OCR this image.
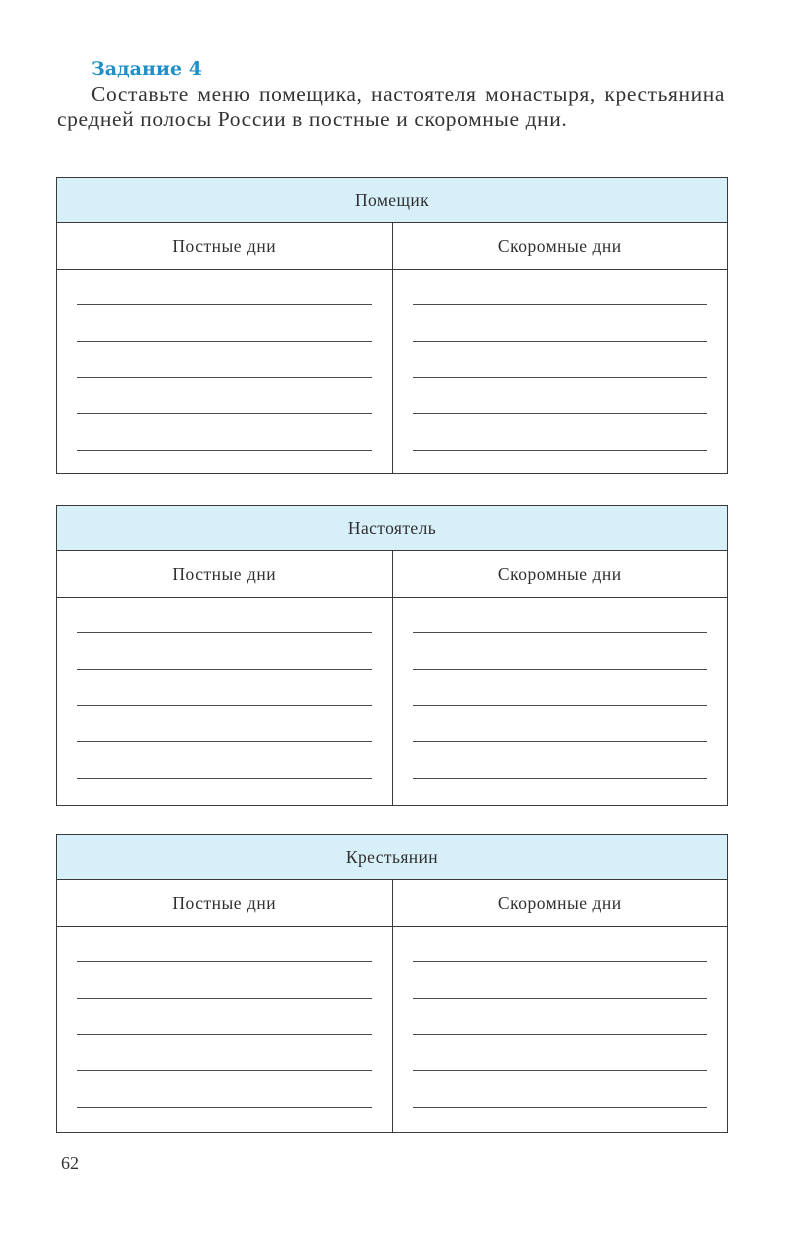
Задание 4

Составьте меню помещика, настоятеля монастыря, крестьянина средней полосы России в постные и скоромные дни.

Помещик
Постные дни	Скоромные дни
Настоятель
Постные дни	Скоромные дни
Крестьянин
Постные дни	Скоромные дни

62
